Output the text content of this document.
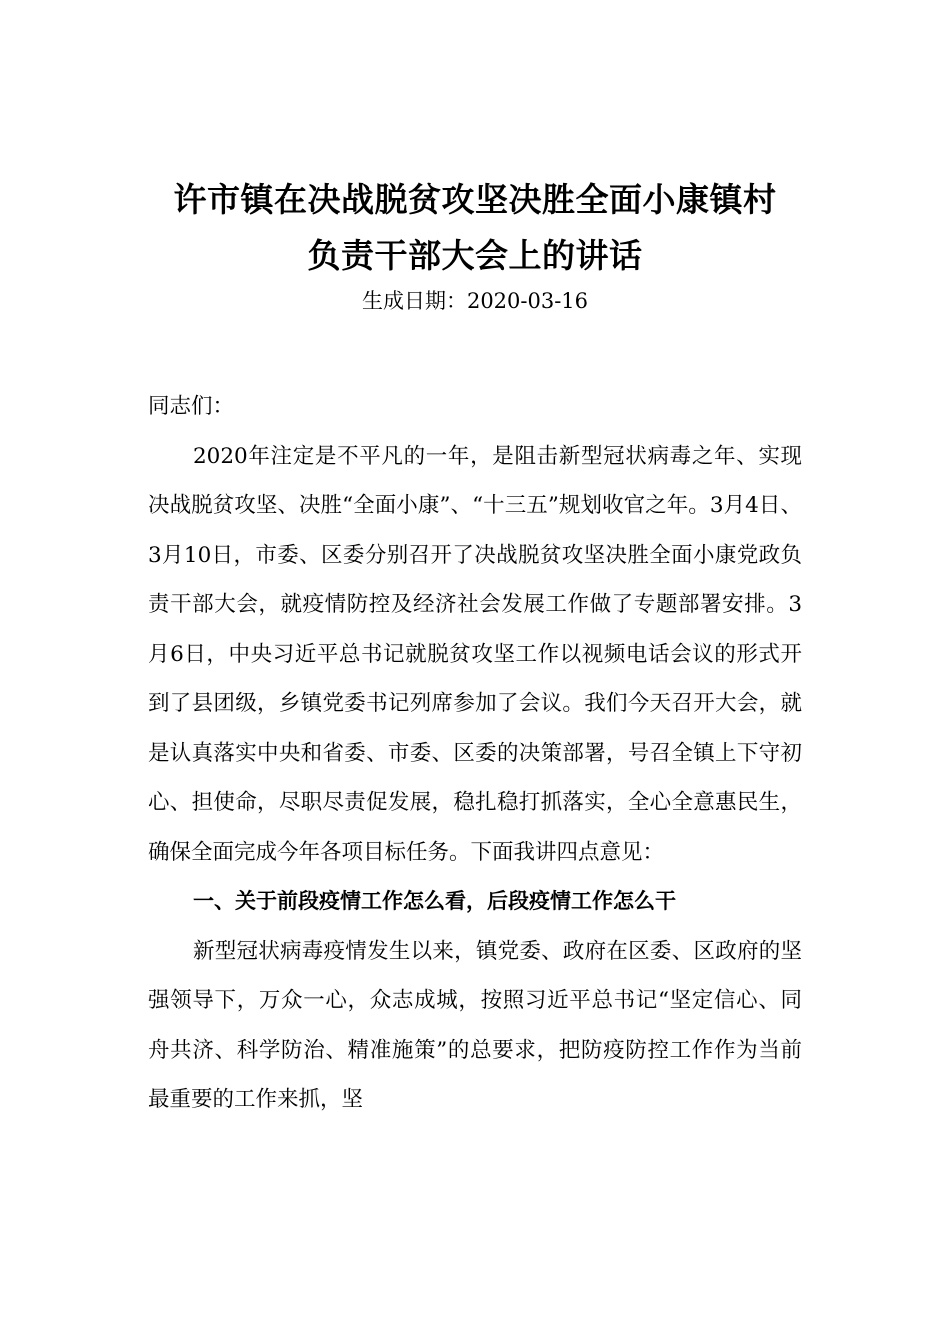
许市镇在决战脱贫攻坚决胜全面小康镇村
负责干部大会上的讲话
生成日期：2020-03-16

同志们：

2020年注定是不平凡的一年，是阻击新型冠状病毒之年、实现决战脱贫攻坚、决胜“全面小康”、“十三五”规划收官之年。3月4日、3月10日，市委、区委分别召开了决战脱贫攻坚决胜全面小康党政负责干部大会，就疫情防控及经济社会发展工作做了专题部署安排。3月6日，中央习近平总书记就脱贫攻坚工作以视频电话会议的形式开到了县团级，乡镇党委书记列席参加了会议。我们今天召开大会，就是认真落实中央和省委、市委、区委的决策部署，号召全镇上下守初心、担使命，尽职尽责促发展，稳扎稳打抓落实，全心全意惠民生，确保全面完成今年各项目标任务。下面我讲四点意见：

一、关于前段疫情工作怎么看，后段疫情工作怎么干

新型冠状病毒疫情发生以来，镇党委、政府在区委、区政府的坚强领导下，万众一心，众志成城，按照习近平总书记“坚定信心、同舟共济、科学防治、精准施策”的总要求，把防疫防控工作作为当前最重要的工作来抓，坚
